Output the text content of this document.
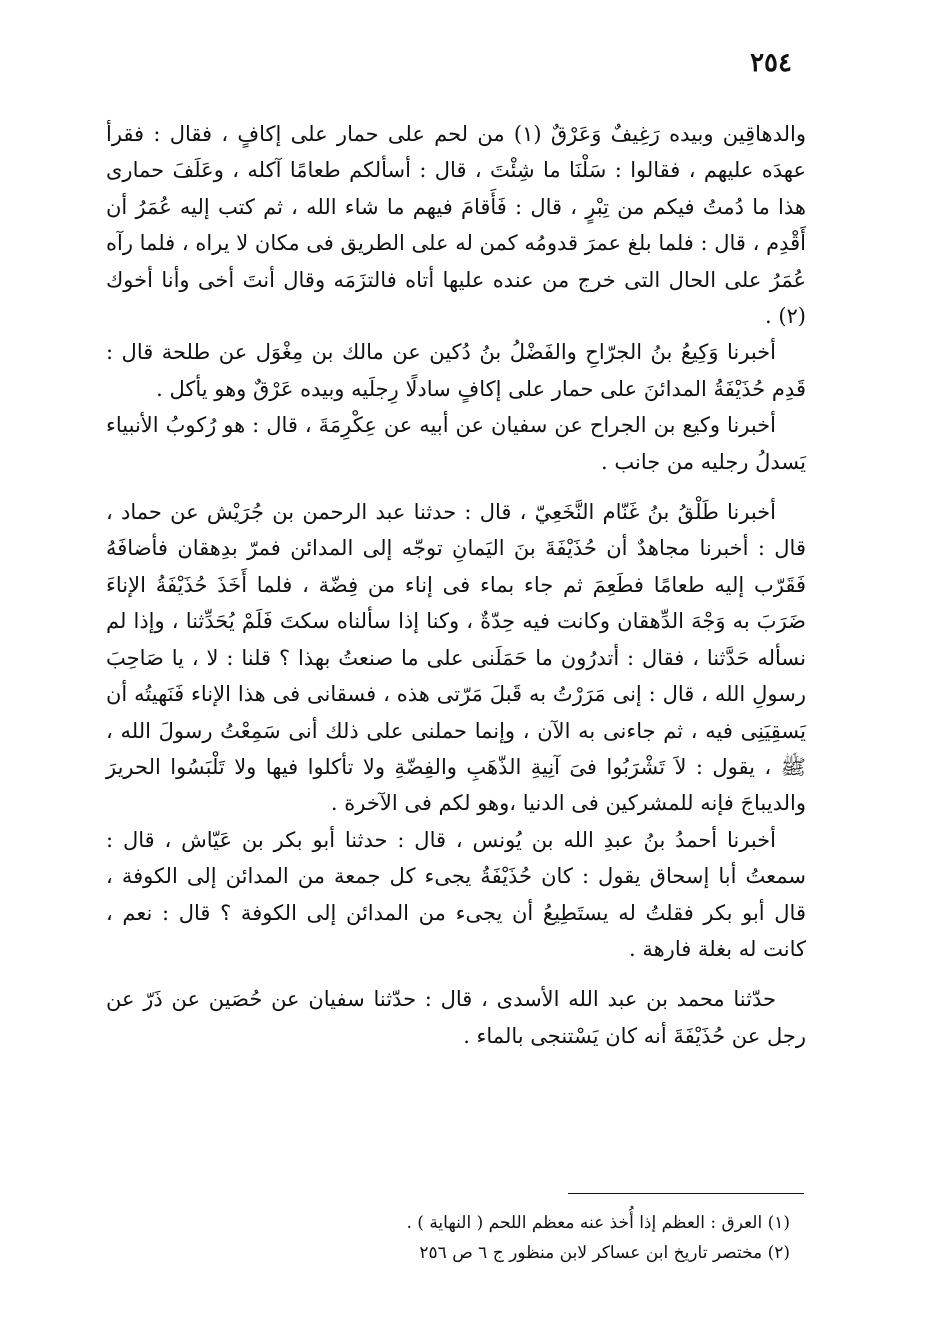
٢٥٤

والدهاقِين وبيده رَغِيفٌ وَعَرْقٌ (١) من لحم على حمار على إكافٍ ، فقال : فقرأ عهدَه عليهم ، فقالوا : سَلْنَا ما شِئْتَ ، قال : أسألكم طعامًا آكله ، وعَلَفَ حمارى هذا ما دُمتُ فيكم من تِبْرٍ ، قال : فَأَقامَ فيهم ما شاء الله ، ثم كتب إليه عُمَرُ أن أَقْدِم ، قال : فلما بلغ عمرَ قدومُه كمن له على الطريق فى مكان لا يراه ، فلما رآه عُمَرُ على الحال التى خرج من عنده عليها أتاه فالتزَمَه وقال أنتَ أخى وأنا أخوك (٢) .

أخبرنا وَكِيعُ بنُ الجرّاحِ والفَضْلُ بنُ دُكين عن مالك بن مِغْوَل عن طلحة قال : قَدِم حُذَيْفَةُ المدائنَ على حمار على إكافٍ سادلًا رِجلَيه وبيده عَرْقٌ وهو يأكل .

أخبرنا وكيع بن الجراح عن سفيان عن أبيه عن عِكْرِمَةَ ، قال : هو رُكوبُ الأنبياء يَسدلُ رجليه من جانب .

أخبرنا طَلْقُ بنُ غَنّام النَّخَعِيّ ، قال : حدثنا عبد الرحمن بن جُرَيْش عن حماد ، قال : أخبرنا مجاهدٌ أن حُذَيْفَةَ بنَ اليَمانِ توجّه إلى المدائن فمرّ بدِهقان فأضافَهُ فَقَرّب إليه طعامًا فطَعِمَ ثم جاء بماء فى إناء من فِضّة ، فلما أَخَذَ حُذَيْفَةُ الإناءَ ضَرَبَ به وَجْهَ الدِّهقان وكانت فيه حِدّةٌ ، وكنا إذا سألناه سكتَ فَلَمْ يُحَدِّثنا ، وإذا لم نسأله حَدَّثنا ، فقال : أتدرُون ما حَمَلَنى على ما صنعتُ بهذا ؟ قلنا : لا ، يا صَاحِبَ رسولِ الله ، قال : إنى مَرَرْتُ به قَبلَ مَرّتى هذه ، فسقانى فى هذا الإناء فَنَهيتُه أن يَسقِيَنِى فيه ، ثم جاءنى به الآن ، وإنما حملنى على ذلك أنى سَمِعْتُ رسولَ الله ، ﷺ ، يقول : لاَ تَشْرَبُوا فىَ آنِيةِ الذّهَبِ والفِضّةِ ولا تأكلوا فيها ولا تَلْبَسُوا الحريرَ والديباجَ فإنه للمشركين فى الدنيا ،وهو لكم فى الآخرة .

أخبرنا أحمدُ بنُ عبدِ الله بن يُونس ، قال : حدثنا أبو بكر بن عَيّاش ، قال : سمعتُ أبا إسحاق يقول : كان حُذَيْفَةُ يجىء كل جمعة من المدائن إلى الكوفة ، قال أبو بكر فقلتُ له يستَطِيعُ أن يجىء من المدائن إلى الكوفة ؟ قال : نعم ، كانت له بغلة فارهة .

حدّثنا محمد بن عبد الله الأسدى ، قال : حدّثنا سفيان عن حُصَين عن ذَرّ عن رجل عن حُذَيْفَةَ أنه كان يَسْتنجى بالماء .

(١) العرق : العظم إذا أُخذ عنه معظم اللحم ( النهاية ) .

(٢) مختصر تاريخ ابن عساكر لابن منظور ج ٦ ص ٢٥٦
